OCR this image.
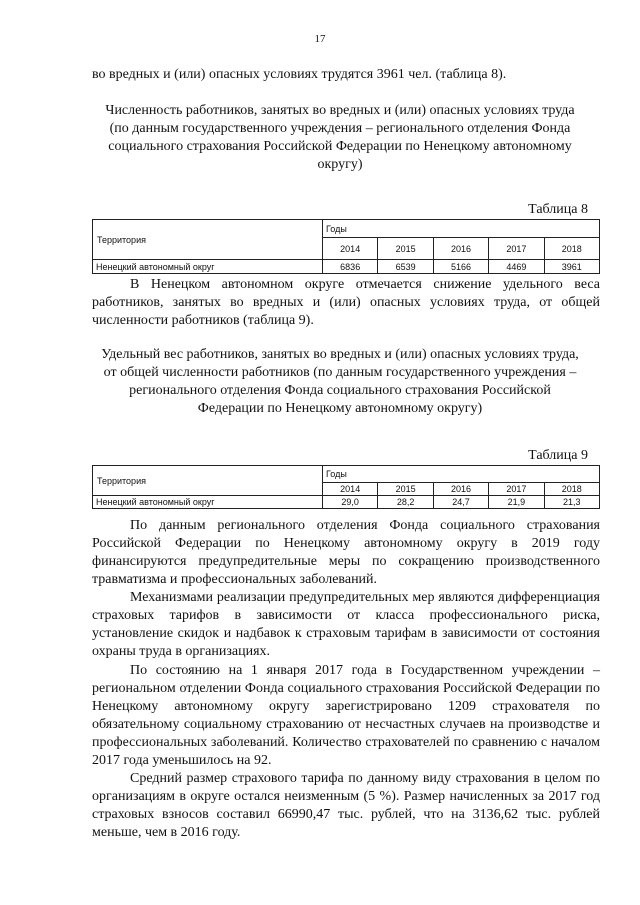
17

во вредных и (или) опасных условиях трудятся 3961 чел. (таблица 8).

Численность работников, занятых во вредных и (или) опасных условиях труда (по данным государственного учреждения – регионального отделения Фонда социального страхования Российской Федерации по Ненецкому автономному округу)

Таблица 8
Территория	Годы				
	2014	2015	2016	2017	2018
Ненецкий автономный округ	6836	6539	5166	4469	3961

В Ненецком автономном округе отмечается снижение удельного веса работников, занятых во вредных и (или) опасных условиях труда, от общей численности работников (таблица 9).

Удельный вес работников, занятых во вредных и (или) опасных условиях труда, от общей численности работников (по данным государственного учреждения – регионального отделения Фонда социального страхования Российской Федерации по Ненецкому автономному округу)

Таблица 9
Территория	Годы				
	2014	2015	2016	2017	2018
Ненецкий автономный округ	29,0	28,2	24,7	21,9	21,3

По данным регионального отделения Фонда социального страхования Российской Федерации по Ненецкому автономному округу в 2019 году финансируются предупредительные меры по сокращению производственного травматизма и профессиональных заболеваний.

Механизмами реализации предупредительных мер являются дифференциация страховых тарифов в зависимости от класса профессионального риска, установление скидок и надбавок к страховым тарифам в зависимости от состояния охраны труда в организациях.

По состоянию на 1 января 2017 года в Государственном учреждении – региональном отделении Фонда социального страхования Российской Федерации по Ненецкому автономному округу зарегистрировано 1209 страхователя по обязательному социальному страхованию от несчастных случаев на производстве и профессиональных заболеваний. Количество страхователей по сравнению с началом 2017 года уменьшилось на 92.

Средний размер страхового тарифа по данному виду страхования в целом по организациям в округе остался неизменным (5 %). Размер начисленных за 2017 год страховых взносов составил 66990,47 тыс. рублей, что на 3136,62 тыс. рублей меньше, чем в 2016 году.
